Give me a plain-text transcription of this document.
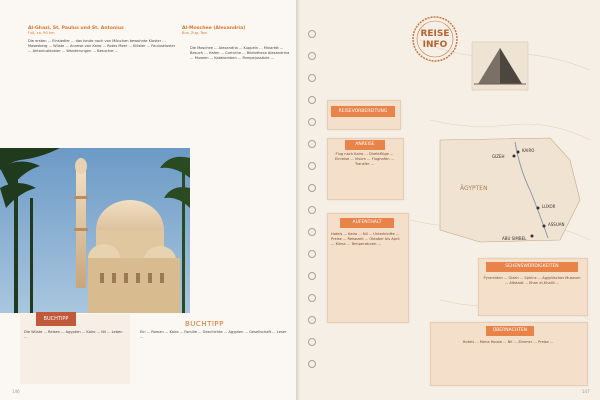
Al-Ghazi, St. Paulus und St. Antonius
Fuß, ca. 90 km
Die ersten ... Einsiedler ... das heute noch von Mönchen bewohnte Kloster ... Mosesberg ... Wüste ... Anreise von Kairo ... Rotes Meer ... Klöster ... Pauluskloster ... Antoniuskloster ... Wanderungen ... Besucher ...
Al-Moschee (Alexandria)
Bus, Zug, Taxi
Die Moschee ... Alexandria ... Kuppeln ... Minarett ... Besuch ... Hafen ... Corniche ... Bibliotheca Alexandrina ... Museen ... Katakomben ... Pompejussäule ...
Die Wüste ... Reisen ... Ägypten ... Kairo ... Nil ... Leben ...
BUCHTIPP
BUCHTIPP
Ein ... Roman ... Kairo ... Familie ... Geschichte ... Ägypten ... Gesellschaft ... Leser ...
146
REISE
INFO
REISEVORBEREITUNG
ANREISE
Flug nach Kairo ... Direktflüge ... Einreise ... Visum ... Flughafen ... Transfer ...
AUFENTHALT
Hotels ... Kairo ... Nil ... Unterkünfte ... Preise ... Reisezeit ... Oktober bis April ... Klima ... Temperaturen ...
KAIRO
GIZEH
LUXOR
ASSUAN
ABU SIMBEL
ÄGYPTEN
SEHENSWÜRDIGKEITEN
Pyramiden ... Gizeh ... Sphinx ... Ägyptisches Museum ... Altstadt ... Khan el-Khalili ...
ÜBERNACHTEN
Hotels ... Mena House ... Nil ... Zimmer ... Preise ...
147
